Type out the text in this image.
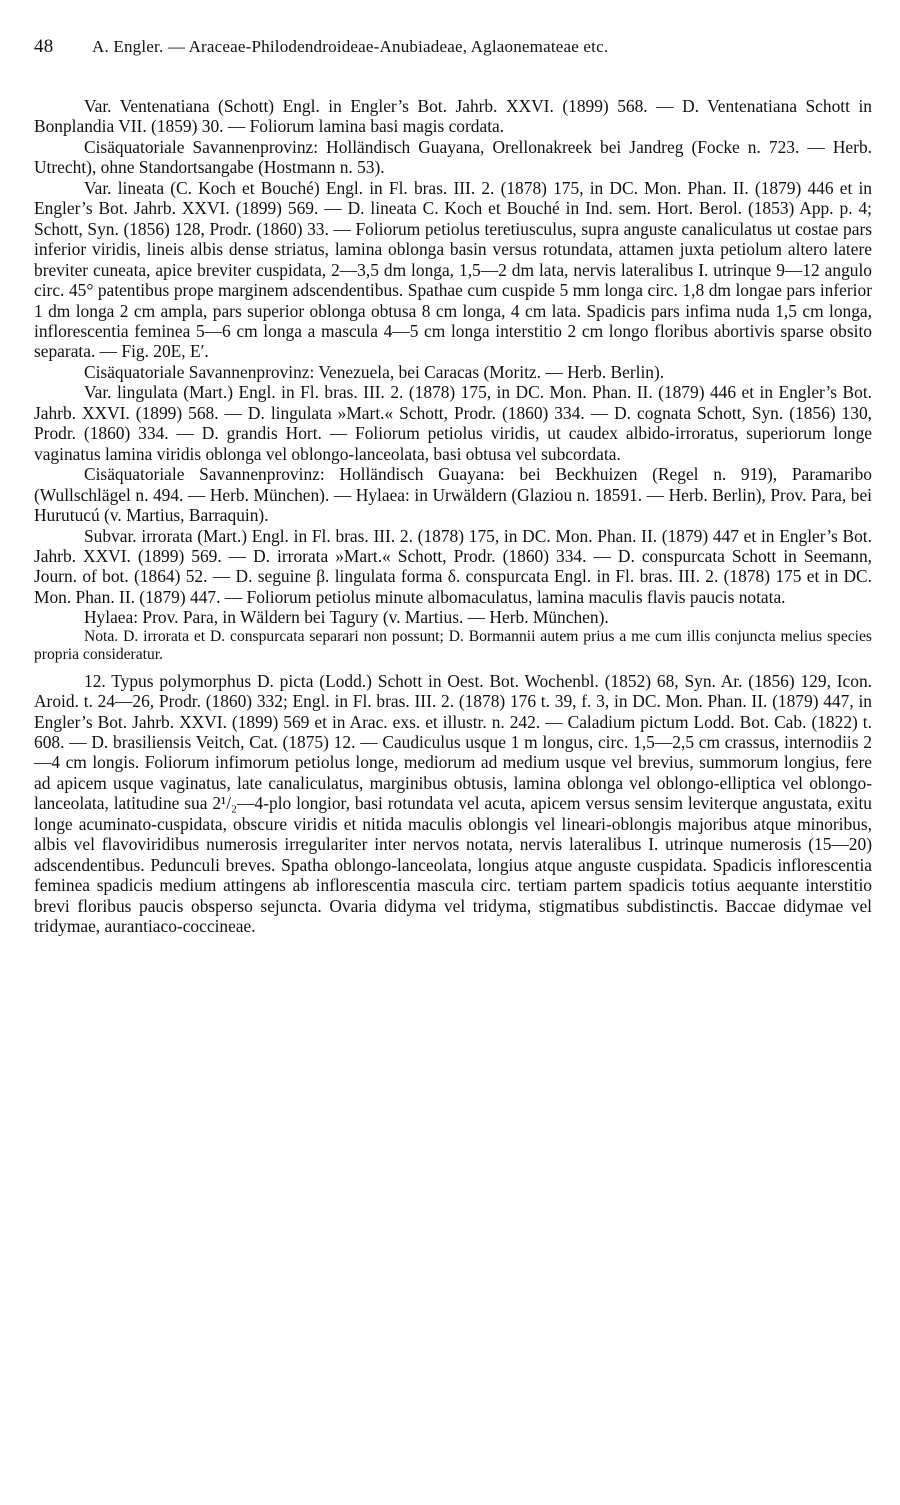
48	A. Engler. — Araceae-Philodendroideae-Anubiadeae, Aglaonemateae etc.

Var. Ventenatiana (Schott) Engl. in Engler’s Bot. Jahrb. XXVI. (1899) 568. — D. Ventenatiana Schott in Bonplandia VII. (1859) 30. — Foliorum lamina basi magis cordata.

Cisäquatoriale Savannenprovinz: Holländisch Guayana, Orellonakreek bei Jandreg (Focke n. 723. — Herb. Utrecht), ohne Standortsangabe (Hostmann n. 53).

Var. lineata (C. Koch et Bouché) Engl. in Fl. bras. III. 2. (1878) 175, in DC. Mon. Phan. II. (1879) 446 et in Engler’s Bot. Jahrb. XXVI. (1899) 569. — D. lineata C. Koch et Bouché in Ind. sem. Hort. Berol. (1853) App. p. 4; Schott, Syn. (1856) 128, Prodr. (1860) 33. — Foliorum petiolus teretiusculus, supra anguste canaliculatus ut costae pars inferior viridis, lineis albis dense striatus, lamina oblonga basin versus rotundata, attamen juxta petiolum altero latere breviter cuneata, apice breviter cuspidata, 2—3,5 dm longa, 1,5—2 dm lata, nervis lateralibus I. utrinque 9—12 angulo circ. 45° patentibus prope marginem adscendentibus. Spathae cum cuspide 5 mm longa circ. 1,8 dm longae pars inferior 1 dm longa 2 cm ampla, pars superior oblonga obtusa 8 cm longa, 4 cm lata. Spadicis pars infima nuda 1,5 cm longa, inflorescentia feminea 5—6 cm longa a mascula 4—5 cm longa interstitio 2 cm longo floribus abortivis sparse obsito separata. — Fig. 20E, E′.

Cisäquatoriale Savannenprovinz: Venezuela, bei Caracas (Moritz. — Herb. Berlin).

Var. lingulata (Mart.) Engl. in Fl. bras. III. 2. (1878) 175, in DC. Mon. Phan. II. (1879) 446 et in Engler’s Bot. Jahrb. XXVI. (1899) 568. — D. lingulata »Mart.« Schott, Prodr. (1860) 334. — D. cognata Schott, Syn. (1856) 130, Prodr. (1860) 334. — D. grandis Hort. — Foliorum petiolus viridis, ut caudex albido-irroratus, superiorum longe vaginatus lamina viridis oblonga vel oblongo-lanceolata, basi obtusa vel subcordata.

Cisäquatoriale Savannenprovinz: Holländisch Guayana: bei Beckhuizen (Regel n. 919), Paramaribo (Wullschlägel n. 494. — Herb. München). — Hylaea: in Urwäldern (Glaziou n. 18591. — Herb. Berlin), Prov. Para, bei Hurutucú (v. Martius, Barraquin).

Subvar. irrorata (Mart.) Engl. in Fl. bras. III. 2. (1878) 175, in DC. Mon. Phan. II. (1879) 447 et in Engler’s Bot. Jahrb. XXVI. (1899) 569. — D. irrorata »Mart.« Schott, Prodr. (1860) 334. — D. conspurcata Schott in Seemann, Journ. of bot. (1864) 52. — D. seguine β. lingulata forma δ. conspurcata Engl. in Fl. bras. III. 2. (1878) 175 et in DC. Mon. Phan. II. (1879) 447. — Foliorum petiolus minute albomaculatus, lamina maculis flavis paucis notata.

Hylaea: Prov. Para, in Wäldern bei Tagury (v. Martius. — Herb. München).

Nota. D. irrorata et D. conspurcata separari non possunt; D. Bormannii autem prius a me cum illis conjuncta melius species propria consideratur.

12. Typus polymorphus D. picta (Lodd.) Schott in Oest. Bot. Wochenbl. (1852) 68, Syn. Ar. (1856) 129, Icon. Aroid. t. 24—26, Prodr. (1860) 332; Engl. in Fl. bras. III. 2. (1878) 176 t. 39, f. 3, in DC. Mon. Phan. II. (1879) 447, in Engler’s Bot. Jahrb. XXVI. (1899) 569 et in Arac. exs. et illustr. n. 242. — Caladium pictum Lodd. Bot. Cab. (1822) t. 608. — D. brasiliensis Veitch, Cat. (1875) 12. — Caudiculus usque 1 m longus, circ. 1,5—2,5 cm crassus, internodiis 2—4 cm longis. Foliorum infimorum petiolus longe, mediorum ad medium usque vel brevius, summorum longius, fere ad apicem usque vaginatus, late canaliculatus, marginibus obtusis, lamina oblonga vel oblongo-elliptica vel oblongo-lanceolata, latitudine sua 2¹/₂—4-plo longior, basi rotundata vel acuta, apicem versus sensim leviterque angustata, exitu longe acuminato-cuspidata, obscure viridis et nitida maculis oblongis vel lineari-oblongis majoribus atque minoribus, albis vel flavoviridibus numerosis irregulariter inter nervos notata, nervis lateralibus I. utrinque numerosis (15—20) adscendentibus. Pedunculi breves. Spatha oblongo-lanceolata, longius atque anguste cuspidata. Spadicis inflorescentia feminea spadicis medium attingens ab inflorescentia mascula circ. tertiam partem spadicis totius aequante interstitio brevi floribus paucis obsperso sejuncta. Ovaria didyma vel tridyma, stigmatibus subdistinctis. Baccae didymae vel tridymae, aurantiaco-coccineae.
